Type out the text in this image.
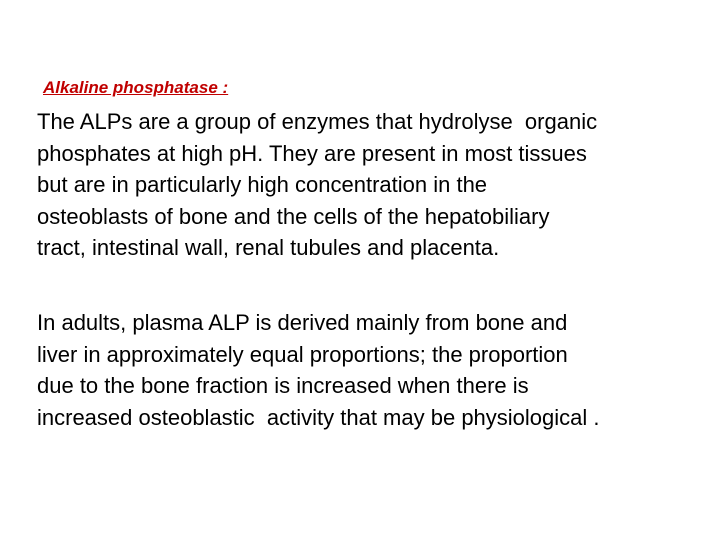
Alkaline phosphatase :

The ALPs are a group of enzymes that hydrolyse  organic
phosphates at high pH. They are present in most tissues
but are in particularly high concentration in the
osteoblasts of bone and the cells of the hepatobiliary
tract, intestinal wall, renal tubules and placenta.

In adults, plasma ALP is derived mainly from bone and
liver in approximately equal proportions; the proportion
due to the bone fraction is increased when there is
increased osteoblastic  activity that may be physiological .
